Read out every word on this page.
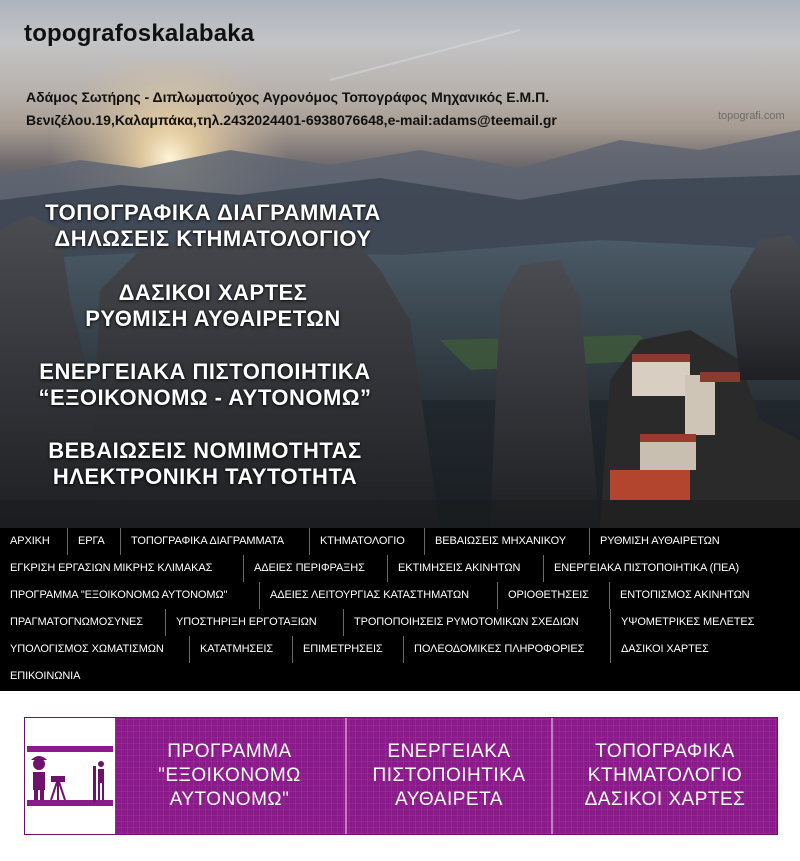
topografoskalabaka
Αδάμος Σωτήρης - Διπλωματούχος Αγρονόμος Τοπογράφος Μηχανικός Ε.Μ.Π.
Βενιζέλου.19,Καλαμπάκα,τηλ.2432024401-6938076648,e-mail:adams@teemail.gr	topografi.com
ΤΟΠΟΓΡΑΦΙΚΑ ΔΙΑΓΡΑΜΜΑΤΑ
ΔΗΛΩΣΕΙΣ ΚΤΗΜΑΤΟΛΟΓΙΟΥ
ΔΑΣΙΚΟΙ ΧΑΡΤΕΣ
ΡΥΘΜΙΣΗ ΑΥΘΑΙΡΕΤΩΝ
ΕΝΕΡΓΕΙΑΚΑ ΠΙΣΤΟΠΟΙΗΤΙΚΑ
“ΕΞΟΙΚΟΝΟΜΩ - ΑΥΤΟΝΟΜΩ”
ΒΕΒΑΙΩΣΕΙΣ ΝΟΜΙΜΟΤΗΤΑΣ
ΗΛΕΚΤΡΟΝΙΚΗ ΤΑΥΤΟΤΗΤΑ
ΑΡΧΙΚΗ	ΕΡΓΑ	ΤΟΠΟΓΡΑΦΙΚΑ ΔΙΑΓΡΑΜΜΑΤΑ	ΚΤΗΜΑΤΟΛΟΓΙΟ	ΒΕΒΑΙΩΣΕΙΣ ΜΗΧΑΝΙΚΟΥ	ΡΥΘΜΙΣΗ ΑΥΘΑΙΡΕΤΩΝ
ΕΓΚΡΙΣΗ ΕΡΓΑΣΙΩΝ ΜΙΚΡΗΣ ΚΛΙΜΑΚΑΣ	ΑΔΕΙΕΣ ΠΕΡΙΦΡΑΞΗΣ	ΕΚΤΙΜΗΣΕΙΣ ΑΚΙΝΗΤΩΝ	ΕΝΕΡΓΕΙΑΚΑ ΠΙΣΤΟΠΟΙΗΤΙΚΑ (ΠΕΑ)
ΠΡΟΓΡΑΜΜΑ "ΕΞΟΙΚΟΝΟΜΩ ΑΥΤΟΝΟΜΩ"	ΑΔΕΙΕΣ ΛΕΙΤΟΥΡΓΙΑΣ ΚΑΤΑΣΤΗΜΑΤΩΝ	ΟΡΙΟΘΕΤΗΣΕΙΣ	ΕΝΤΟΠΙΣΜΟΣ ΑΚΙΝΗΤΩΝ
ΠΡΑΓΜΑΤΟΓΝΩΜΟΣΥΝΕΣ	ΥΠΟΣΤΗΡΙΞΗ ΕΡΓΟΤΑΞΙΩΝ	ΤΡΟΠΟΠΟΙΗΣΕΙΣ ΡΥΜΟΤΟΜΙΚΩΝ ΣΧΕΔΙΩΝ	ΥΨΟΜΕΤΡΙΚΕΣ ΜΕΛΕΤΕΣ
ΥΠΟΛΟΓΙΣΜΟΣ ΧΩΜΑΤΙΣΜΩΝ	ΚΑΤΑΤΜΗΣΕΙΣ	ΕΠΙΜΕΤΡΗΣΕΙΣ	ΠΟΛΕΟΔΟΜΙΚΕΣ ΠΛΗΡΟΦΟΡΙΕΣ	ΔΑΣΙΚΟΙ ΧΑΡΤΕΣ
ΕΠΙΚΟΙΝΩΝΙΑ
ΠΡΟΓΡΑΜΜΑ
"ΕΞΟΙΚΟΝΟΜΩ
ΑΥΤΟΝΟΜΩ"
ΕΝΕΡΓΕΙΑΚΑ
ΠΙΣΤΟΠΟΙΗΤΙΚΑ
ΑΥΘΑΙΡΕΤΑ
ΤΟΠΟΓΡΑΦΙΚΑ
ΚΤΗΜΑΤΟΛΟΓΙΟ
ΔΑΣΙΚΟΙ ΧΑΡΤΕΣ
